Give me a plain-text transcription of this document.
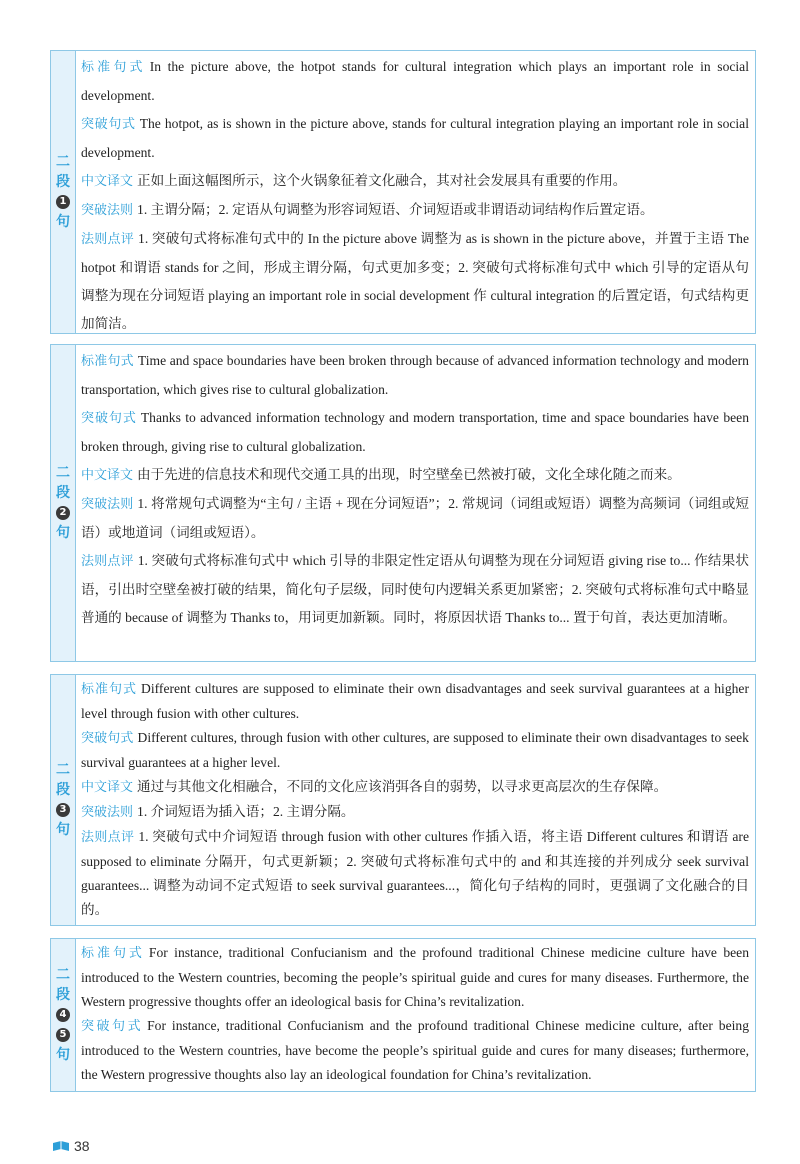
二
段
1
句

标准句式 In the picture above, the hotpot stands for cultural integration which plays an important role in social development.

突破句式 The hotpot, as is shown in the picture above, stands for cultural integration playing an important role in social development.

中文译文 正如上面这幅图所示，这个火锅象征着文化融合，其对社会发展具有重要的作用。

突破法则 1. 主谓分隔；2. 定语从句调整为形容词短语、介词短语或非谓语动词结构作后置定语。

法则点评 1. 突破句式将标准句式中的 In the picture above 调整为 as is shown in the picture above，并置于主语 The hotpot 和谓语 stands for 之间，形成主谓分隔，句式更加多变；2. 突破句式将标准句式中 which 引导的定语从句调整为现在分词短语 playing an important role in social development 作 cultural integration 的后置定语，句式结构更加简洁。

二
段
2
句

标准句式 Time and space boundaries have been broken through because of advanced information technology and modern transportation, which gives rise to cultural globalization.

突破句式 Thanks to advanced information technology and modern transportation, time and space boundaries have been broken through, giving rise to cultural globalization.

中文译文 由于先进的信息技术和现代交通工具的出现，时空壁垒已然被打破，文化全球化随之而来。

突破法则 1. 将常规句式调整为“主句 / 主语 + 现在分词短语”；2. 常规词（词组或短语）调整为高频词（词组或短语）或地道词（词组或短语）。

法则点评 1. 突破句式将标准句式中 which 引导的非限定性定语从句调整为现在分词短语 giving rise to... 作结果状语，引出时空壁垒被打破的结果，简化句子层级，同时使句内逻辑关系更加紧密；2. 突破句式将标准句式中略显普通的 because of 调整为 Thanks to，用词更加新颖。同时，将原因状语 Thanks to... 置于句首，表达更加清晰。

二
段
3
句

标准句式 Different cultures are supposed to eliminate their own disadvantages and seek survival guarantees at a higher level through fusion with other cultures.

突破句式 Different cultures, through fusion with other cultures, are supposed to eliminate their own disadvantages to seek survival guarantees at a higher level.

中文译文 通过与其他文化相融合，不同的文化应该消弭各自的弱势，以寻求更高层次的生存保障。

突破法则 1. 介词短语为插入语；2. 主谓分隔。

法则点评 1. 突破句式中介词短语 through fusion with other cultures 作插入语，将主语 Different cultures 和谓语 are supposed to eliminate 分隔开，句式更新颖；2. 突破句式将标准句式中的 and 和其连接的并列成分 seek survival guarantees... 调整为动词不定式短语 to seek survival guarantees...，简化句子结构的同时，更强调了文化融合的目的。

二
段
4
5
句

标准句式 For instance, traditional Confucianism and the profound traditional Chinese medicine culture have been introduced to the Western countries, becoming the people’s spiritual guide and cures for many diseases. Furthermore, the Western progressive thoughts offer an ideological basis for China’s revitalization.

突破句式 For instance, traditional Confucianism and the profound traditional Chinese medicine culture, after being introduced to the Western countries, have become the people’s spiritual guide and cures for many diseases; furthermore, the Western progressive thoughts also lay an ideological foundation for China’s revitalization.

38
